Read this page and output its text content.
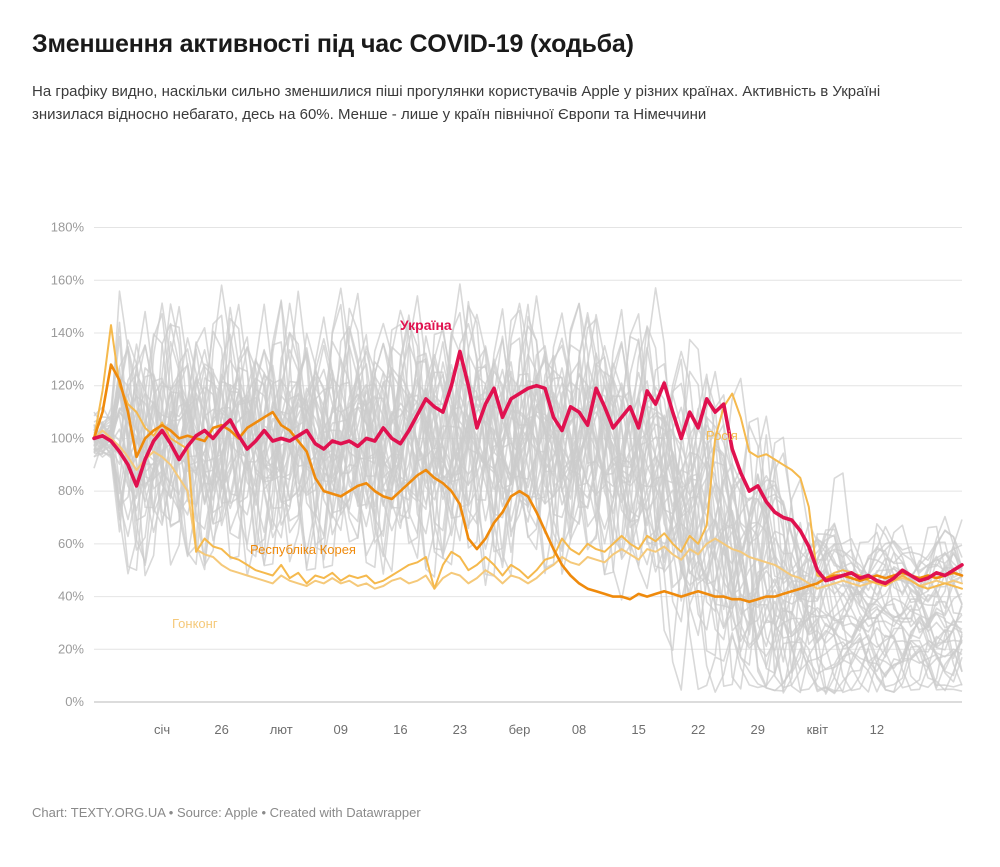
Зменшення активності під час COVID-19 (ходьба)
На графіку видно, наскільки сильно зменшилися піші прогулянки користувачів Apple у різних країнах. Активність в Україні знизилася відносно небагато, десь на 60%. Менше - лише у країн північної Європи та Німеччини
0%
20%
40%
60%
80%
100%
120%
140%
160%
180%
Україна
Росія
Республіка Корея
Гонконг
січ	26	лют	09	16	23	бер	08	15	22	29	квіт	12
Chart: TEXTY.ORG.UA • Source: Apple • Created with Datawrapper
